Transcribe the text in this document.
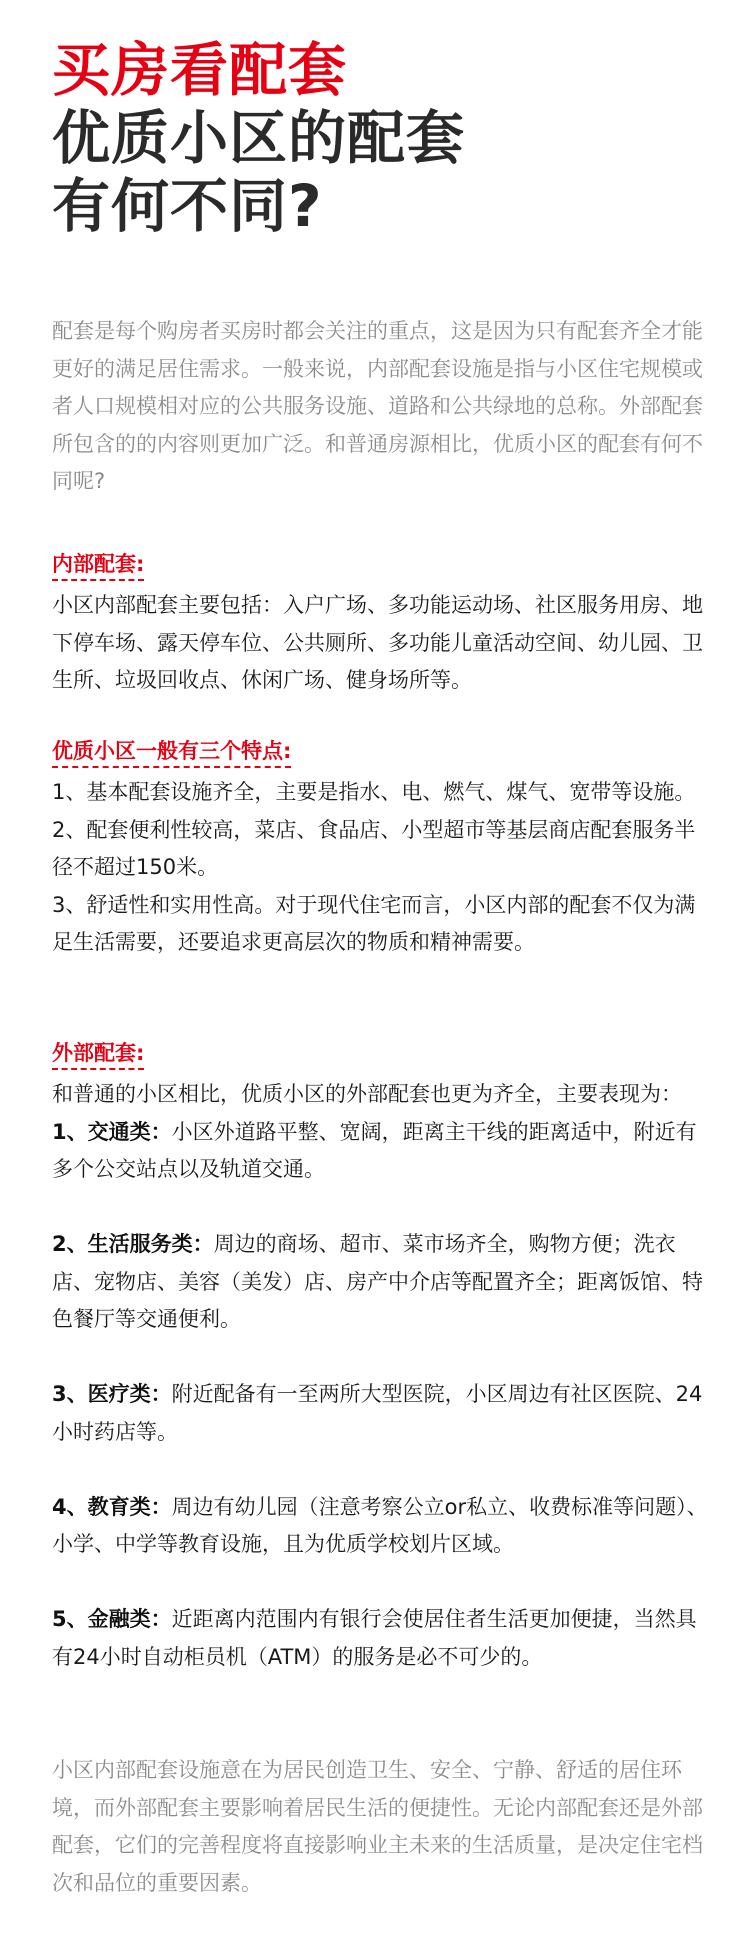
买房看配套
优质小区的配套
有何不同?

配套是每个购房者买房时都会关注的重点，这是因为只有配套齐全才能更好的满足居住需求。一般来说，内部配套设施是指与小区住宅规模或者人口规模相对应的公共服务设施、道路和公共绿地的总称。外部配套所包含的的内容则更加广泛。和普通房源相比，优质小区的配套有何不同呢?

内部配套:

小区内部配套主要包括：入户广场、多功能运动场、社区服务用房、地下停车场、露天停车位、公共厕所、多功能儿童活动空间、幼儿园、卫生所、垃圾回收点、休闲广场、健身场所等。

优质小区一般有三个特点:

1、基本配套设施齐全，主要是指水、电、燃气、煤气、宽带等设施。

2、配套便利性较高，菜店、食品店、小型超市等基层商店配套服务半径不超过150米。

3、舒适性和实用性高。对于现代住宅而言，小区内部的配套不仅为满足生活需要，还要追求更高层次的物质和精神需要。

外部配套:

和普通的小区相比，优质小区的外部配套也更为齐全，主要表现为：

1、交通类：小区外道路平整、宽阔，距离主干线的距离适中，附近有多个公交站点以及轨道交通。

2、生活服务类：周边的商场、超市、菜市场齐全，购物方便；洗衣店、宠物店、美容（美发）店、房产中介店等配置齐全；距离饭馆、特色餐厅等交通便利。

3、医疗类：附近配备有一至两所大型医院，小区周边有社区医院、24小时药店等。

4、教育类：周边有幼儿园（注意考察公立or私立、收费标准等问题）、小学、中学等教育设施，且为优质学校划片区域。

5、金融类：近距离内范围内有银行会使居住者生活更加便捷，当然具有24小时自动柜员机（ATM）的服务是必不可少的。

小区内部配套设施意在为居民创造卫生、安全、宁静、舒适的居住环境，而外部配套主要影响着居民生活的便捷性。无论内部配套还是外部配套，它们的完善程度将直接影响业主未来的生活质量，是决定住宅档次和品位的重要因素。
